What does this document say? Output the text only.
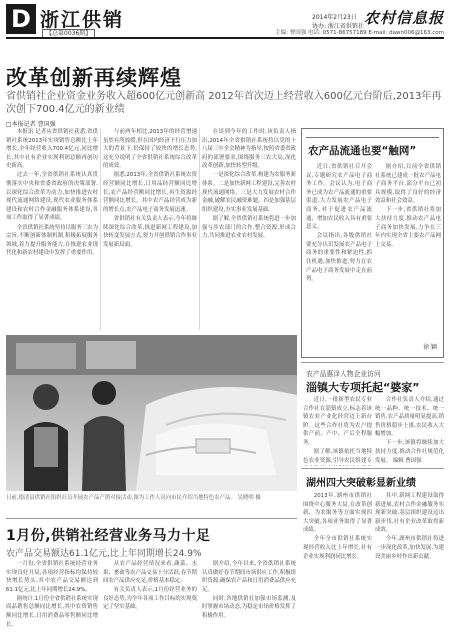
D 浙江供销
【总第0036期】
2014年2月23日
协办: 浙江省供销社 农村信息报
主编: 曹国强 电话: 0571-86757189 E-mail: dawn006@163.com
改革创新再续辉煌
省供销社企业资金业务收入超600亿元创新高 2012年首次迈上经营收入600亿元台阶后,2013年再次创下700.4亿元的新业绩
□本报记者 曹国强

本报讯 记者从省供销社获悉,省供销社系统2013年实现销售总额比上年增长,全年经营收入700.4亿元,同比增长,其中社有企业实现利润总额再创历史新高。

过去一年,全省供销社系统认真贯彻落实中央和省委省政府的决策部署,以深化综合改革为动力,加快推进农村现代流通网络建设,现代农业服务体系建设和农村合作金融服务体系建设,各项工作取得了显著成绩。

全省供销社系统坚持以服务三农为宗旨,不断创新体制机制,积极拓展服务领域,着力提升服务能力,在推进农业现代化和新农村建设中发挥了重要作用。

与前两年相比,2013年的经营增速虽然有所放缓,但在国内经济下行压力加大的背景下,仍保持了较快的增长态势,这充分说明了全省供销社系统综合改革的成效。

据悉,2013年,全省供销社系统农资经营额同比增长,日用品经营额同比增长,农产品经营额同比增长,再生资源经营额同比增长。其中农产品经营成为新的增长点,农产品电子商务发展迅速。

省供销社有关负责人表示,今年将继续深化综合改革,推进新网工程建设,加快转变发展方式,努力开创供销合作事业发展新局面。

在谈到今年的工作时,该负责人指出,2014年全省供销社系统将以党的十八届三中全会精神为指导,按照省委省政府的部署要求,围绕服务三农大局,深化改革创新,加快转型升级。

一是深化综合改革,构建为农服务新体系。二是加快新网工程建设,完善农村现代流通网络。三是大力发展农村合作金融,破解农民融资难题。四是加强基层组织建设,夯实事业发展基础。

据了解,全省供销社系统将进一步加强与涉农部门的合作,整合资源,形成合力,共同推进农业农村发展。

农产品流通也要“触网”

近日,省供销社召开会议,专题研究农产品电子商务工作。会议认为,电子商务已成为农产品流通的重要渠道,大力发展农产品电子商务,对于促进农产品流通、增加农民收入具有重要意义。

会议指出,各级供销社要充分认识发展农产品电子商务的重要性和紧迫性,抓住机遇,加快推进,努力在农产品电子商务发展中走在前列。

据介绍,目前全省供销社系统已建成一批农产品电子商务平台,部分平台已初具规模,取得了良好的经济效益和社会效益。

下一步,省供销社将加大扶持力度,推动农产品电子商务加快发展,力争在三年内实现全省主要农产品网上交易。

徐 颖
日前,德清县供销社组织社员开展农产品产销对接活动,图为工作人员向市民介绍当地特色农产品。 吴晓明 摄
1月份,供销社经营业务马力十足
农产品交易额达61.1亿元,比上年同期增长24.9%

一月份,全省供销社系统经营业务实现良好开局,各项经营指标均保持较快增长势头,其中农产品交易额达到61.1亿元,比上年同期增长24.9%。

据统计,1月份全省供销社系统实现商品销售总额同比增长,其中农资销售额同比增长,日用消费品零售额同比增长。

从农产品经营情况来看,蔬菜、水果、畜禽等农产品交易十分活跃,春节期间农产品供应充足,价格基本稳定。

有关负责人表示,1月份经营业务的良好态势,为全年各项工作目标的实现奠定了坚实基础。

据介绍,今年以来,全省供销社系统认真做好春节期间市场供应工作,积极组织货源,确保农产品和日用消费品供应充足。

同时,各地供销社加强市场监测,及时掌握市场动态,为稳定市场价格发挥了积极作用。

农产品惠泽人物企业访问
淄镇大专项托起“婆家”

近日,一批新型农民专业合作社在淄镇成立,标志着该镇农业产业化经营迈上新台阶。这些合作社将为农户提供产前、产中、产后全程服务。

据了解,该镇依托当地特色农业资源,引导农民组建专

合作社负责人介绍,通过统一品种、统一技术、统一销售,农产品质量明显提高,销售价格稳步上涨,农民收入大幅增加。

下一步,该镇将继续加大扶持力度,推动合作社规范化发展。 编辑 曹国强

湖州四大突破彰显新业绩

2013年,湖州市供销社围绕中心服务大局,在改革创新、为农服务等方面实现四大突破,各项业务取得了显著成绩。

全年全市供销社系统实现经营收入比上年增长,社有企业实现利润同比增长。

其中,新网工程建设取得新进展,农村合作金融服务实现新突破,基层组织建设迈出新步伐,社有企业改革取得新成效。

今年,湖州市供销社将进一步深化改革,加快发展,为建设美丽乡村作出新贡献。
